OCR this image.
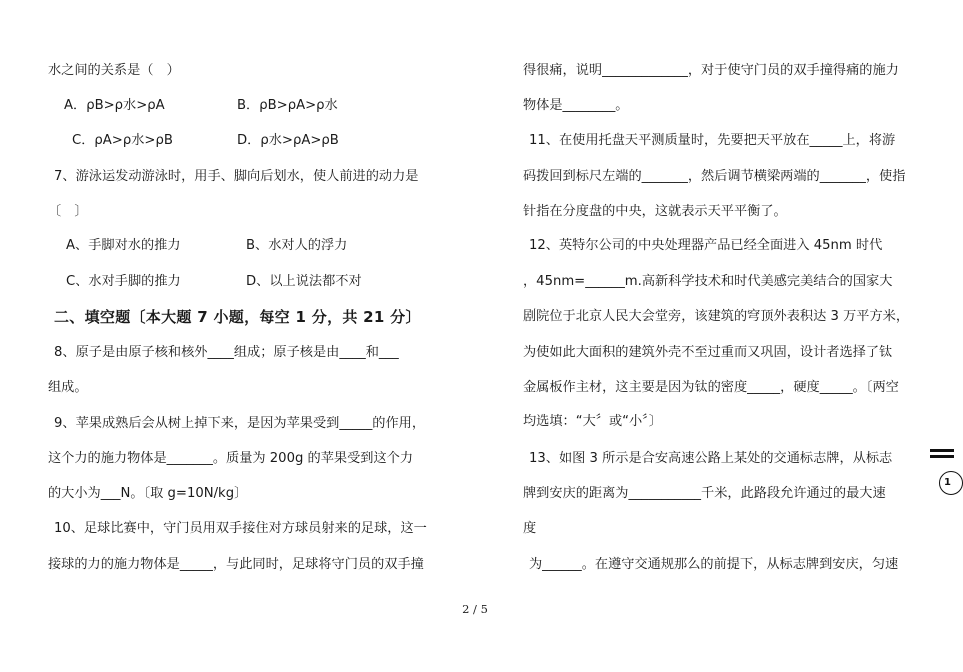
水之间的关系是（　）
A．ρB>ρ水>ρA	B．ρB>ρA>ρ水
C．ρA>ρ水>ρB	D．ρ水>ρA>ρB
7、游泳运发动游泳时，用手、脚向后划水，使人前进的动力是
〔　〕
A、手脚对水的推力	B、水对人的浮力
C、水对手脚的推力	D、以上说法都不对
二、填空题〔本大题 7 小题，每空 1 分，共 21 分〕
8、原子是由原子核和核外____组成；原子核是由____和___
组成。
9、苹果成熟后会从树上掉下来，是因为苹果受到_____的作用，
这个力的施力物体是_______。质量为 200g 的苹果受到这个力
的大小为___N。〔取 g=10N/kg〕
10、足球比赛中，守门员用双手接住对方球员射来的足球，这一
接球的力的施力物体是_____，与此同时，足球将守门员的双手撞
得很痛，说明_____________，对于使守门员的双手撞得痛的施力
物体是________。
11、在使用托盘天平测质量时，先要把天平放在_____上，将游
码拨回到标尺左端的_______，然后调节横梁两端的_______，使指
针指在分度盘的中央，这就表示天平平衡了。
12、英特尔公司的中央处理器产品已经全面进入 45nm 时代
，45nm=______m.高新科学技术和时代美感完美结合的国家大
剧院位于北京人民大会堂旁，该建筑的穹顶外表积达 3 万平方米，
为使如此大面积的建筑外壳不至过重而又巩固，设计者选择了钛
金属板作主材，这主要是因为钛的密度_____，硬度_____。〔两空
均选填：“大〞或“小〞〕
13、如图 3 所示是合安高速公路上某处的交通标志牌，从标志
牌到安庆的距离为___________千米，此路段允许通过的最大速
度
为______。在遵守交通规那么的前提下，从标志牌到安庆，匀速
1
2 / 5
